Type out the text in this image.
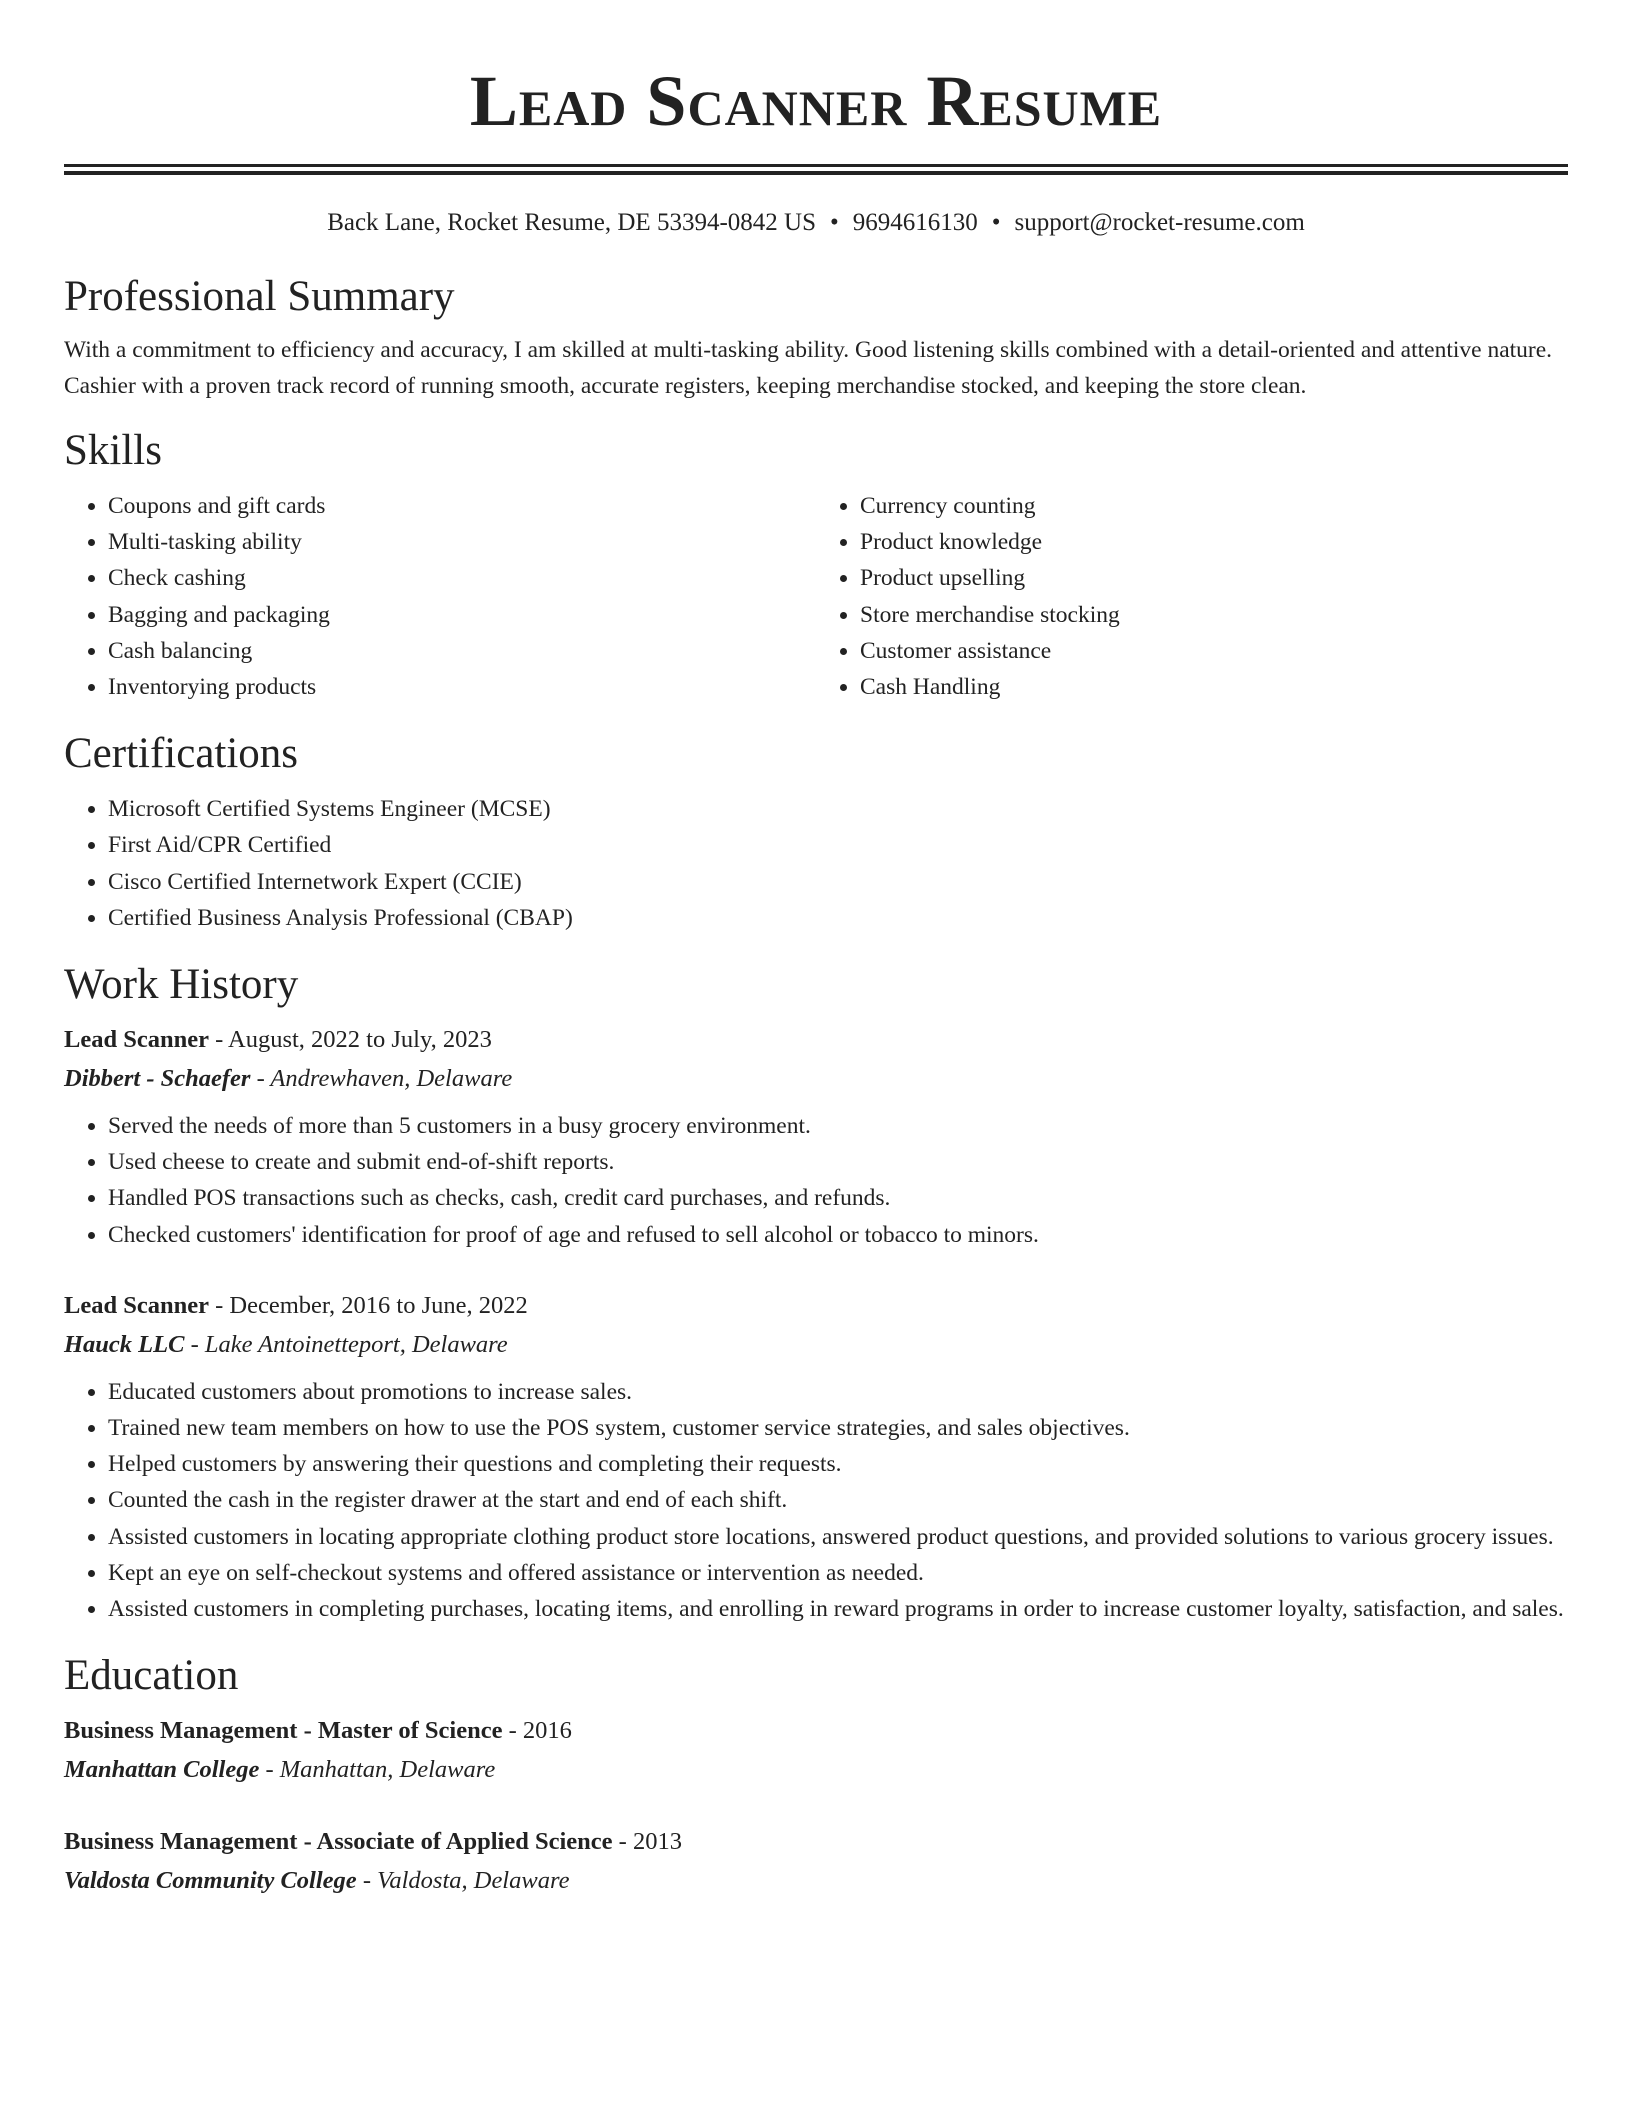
Lead Scanner Resume
Back Lane, Rocket Resume, DE 53394-0842 US • 9694616130 • support@rocket-resume.com
Professional Summary

With a commitment to efficiency and accuracy, I am skilled at multi-tasking ability. Good listening skills combined with a detail-oriented and attentive nature. Cashier with a proven track record of running smooth, accurate registers, keeping merchandise stocked, and keeping the store clean.

Skills
• Coupons and gift cards
• Multi-tasking ability
• Check cashing
• Bagging and packaging
• Cash balancing
• Inventorying products
• Currency counting
• Product knowledge
• Product upselling
• Store merchandise stocking
• Customer assistance
• Cash Handling
Certifications
• Microsoft Certified Systems Engineer (MCSE)
• First Aid/CPR Certified
• Cisco Certified Internetwork Expert (CCIE)
• Certified Business Analysis Professional (CBAP)
Work History
Lead Scanner - August, 2022 to July, 2023
Dibbert - Schaefer - Andrewhaven, Delaware
• Served the needs of more than 5 customers in a busy grocery environment.
• Used cheese to create and submit end-of-shift reports.
• Handled POS transactions such as checks, cash, credit card purchases, and refunds.
• Checked customers' identification for proof of age and refused to sell alcohol or tobacco to minors.
Lead Scanner - December, 2016 to June, 2022
Hauck LLC - Lake Antoinetteport, Delaware
• Educated customers about promotions to increase sales.
• Trained new team members on how to use the POS system, customer service strategies, and sales objectives.
• Helped customers by answering their questions and completing their requests.
• Counted the cash in the register drawer at the start and end of each shift.
• Assisted customers in locating appropriate clothing product store locations, answered product questions, and provided solutions to various grocery issues.
• Kept an eye on self-checkout systems and offered assistance or intervention as needed.
• Assisted customers in completing purchases, locating items, and enrolling in reward programs in order to increase customer loyalty, satisfaction, and sales.
Education
Business Management - Master of Science - 2016
Manhattan College - Manhattan, Delaware
Business Management - Associate of Applied Science - 2013
Valdosta Community College - Valdosta, Delaware
